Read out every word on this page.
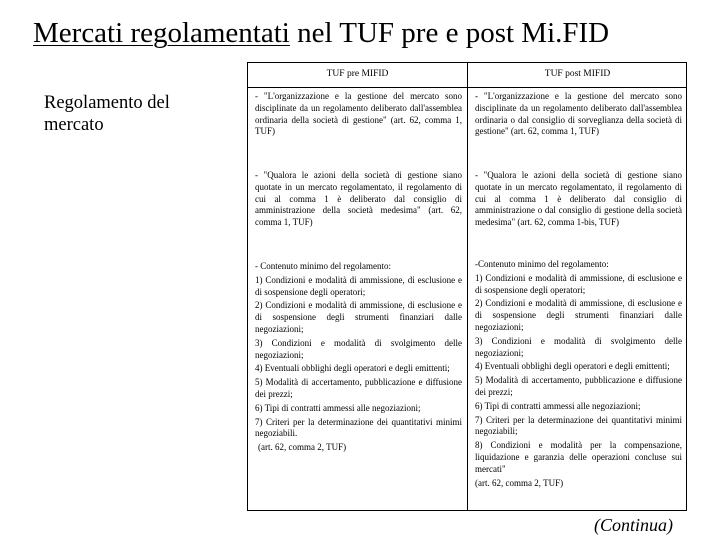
Mercati regolamentati nel TUF pre e post Mi.FID
Regolamento del mercato
TUF pre MIFID	TUF post MIFID
- "L'organizzazione e la gestione del mercato sono disciplinate da un regolamento deliberato dall'assemblea ordinaria della società di gestione" (art. 62, comma 1, TUF)
- "Qualora le azioni della società di gestione siano quotate in un mercato regolamentato, il regolamento di cui al comma 1 è deliberato dal consiglio di amministrazione della società medesima" (art. 62, comma 1, TUF)

- Contenuto minimo del regolamento:

1) Condizioni e modalità di ammissione, di esclusione e di sospensione degli operatori;

2) Condizioni e modalità di ammissione, di esclusione e di sospensione degli strumenti finanziari dalle negoziazioni;

3) Condizioni e modalità di svolgimento delle negoziazioni;

4) Eventuali obblighi degli operatori e degli emittenti;

5) Modalità di accertamento, pubblicazione e diffusione dei prezzi;

6) Tipi di contratti ammessi alle negoziazioni;

7) Criteri per la determinazione dei quantitativi minimi negoziabili.

(art. 62, comma 2, TUF)

- "L'organizzazione e la gestione del mercato sono disciplinate da un regolamento deliberato dall'assemblea ordinaria o dal consiglio di sorveglianza della società di gestione" (art. 62, comma 1, TUF)
- "Qualora le azioni della società di gestione siano quotate in un mercato regolamentato, il regolamento di cui al comma 1 è deliberato dal consiglio di amministrazione o dal consiglio di gestione della società medesima" (art. 62, comma 1-bis, TUF)

-Contenuto minimo del regolamento:

1) Condizioni e modalità di ammissione, di esclusione e di sospensione degli operatori;

2) Condizioni e modalità di ammissione, di esclusione e di sospensione degli strumenti finanziari dalle negoziazioni;

3) Condizioni e modalità di svolgimento delle negoziazioni;

4) Eventuali obblighi degli operatori e degli emittenti;

5) Modalità di accertamento, pubblicazione e diffusione dei prezzi;

6) Tipi di contratti ammessi alle negoziazioni;

7) Criteri per la determinazione dei quantitativi minimi negoziabili;

8) Condizioni e modalità per la compensazione, liquidazione e garanzia delle operazioni concluse sui mercati"

(art. 62, comma 2, TUF)

(Continua)
